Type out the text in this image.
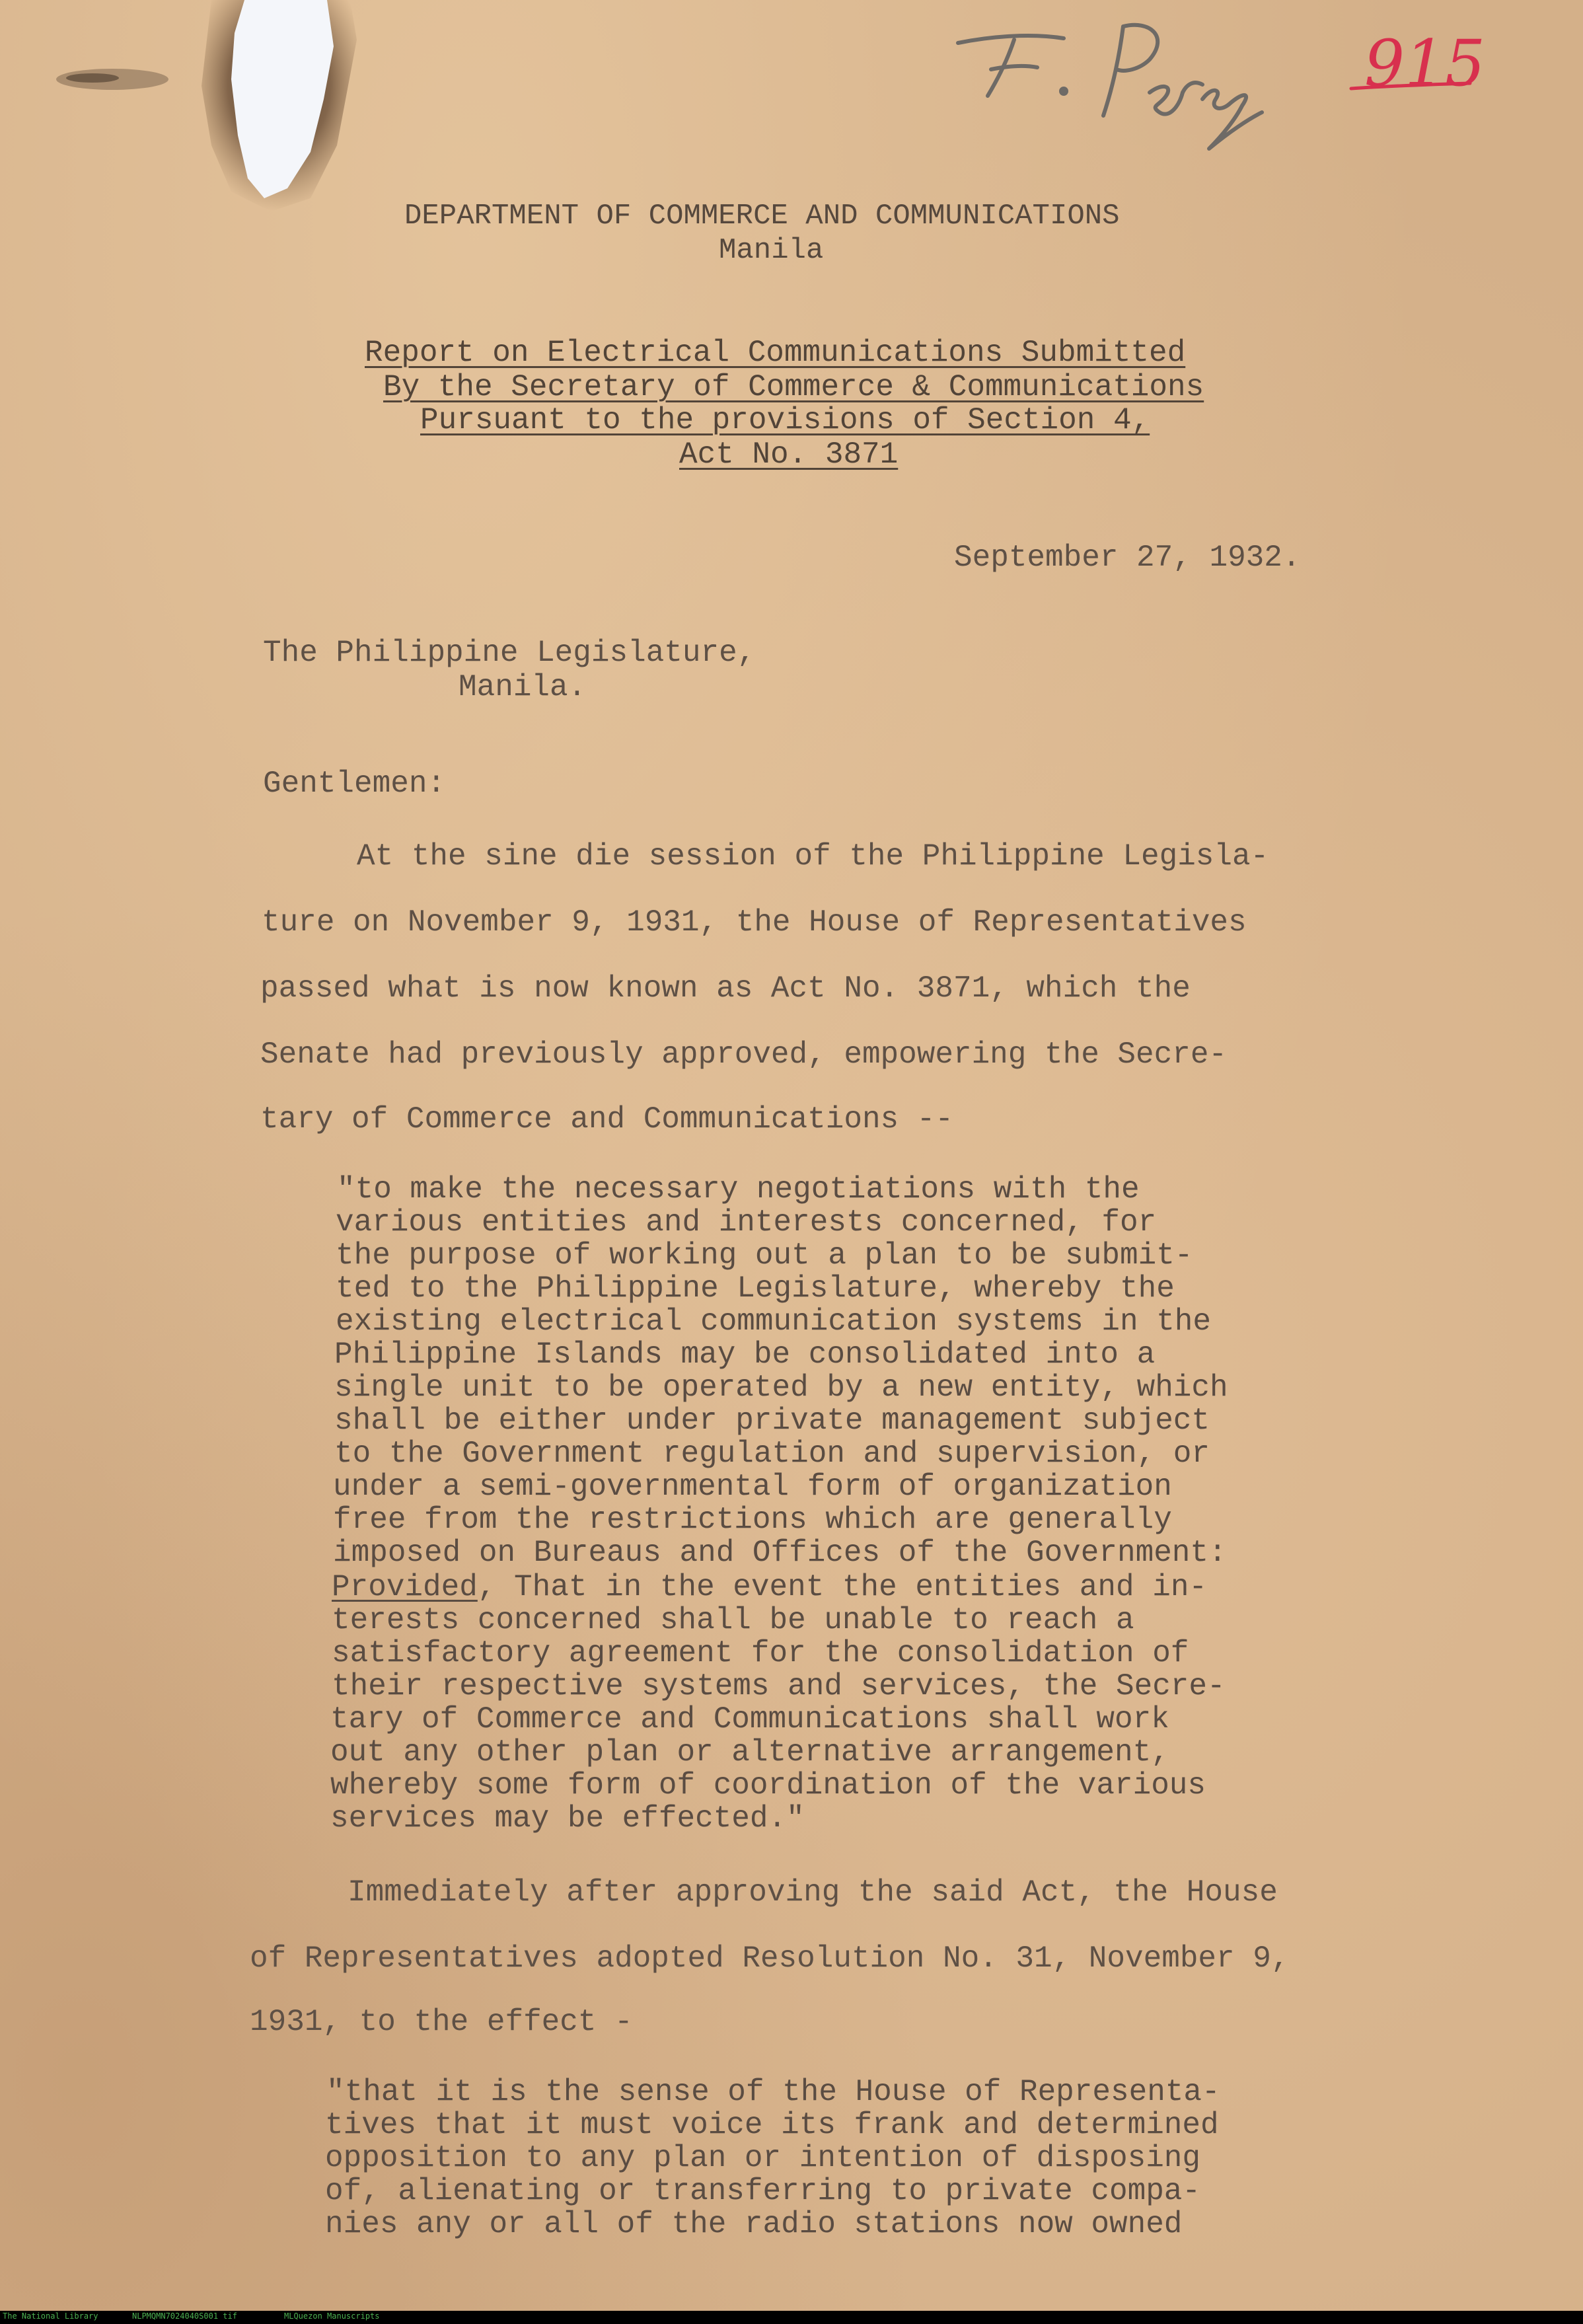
915
DEPARTMENT OF COMMERCE AND COMMUNICATIONS
Manila
Report on Electrical Communications Submitted
By the Secretary of Commerce & Communications
Pursuant to the provisions of Section 4,
Act No. 3871
September 27, 1932.
The Philippine Legislature,
Manila.
Gentlemen:
At the sine die session of the Philippine Legisla-
ture on November 9, 1931, the House of Representatives
passed what is now known as Act No. 3871, which the
Senate had previously approved, empowering the Secre-
tary of Commerce and Communications --
"to make the necessary negotiations with the
various entities and interests concerned, for
the purpose of working out a plan to be submit-
ted to the Philippine Legislature, whereby the
existing electrical communication systems in the
Philippine Islands may be consolidated into a
single unit to be operated by a new entity, which
shall be either under private management subject
to the Government regulation and supervision, or
under a semi-governmental form of organization
free from the restrictions which are generally
imposed on Bureaus and Offices of the Government:
Provided, That in the event the entities and in-
terests concerned shall be unable to reach a
satisfactory agreement for the consolidation of
their respective systems and services, the Secre-
tary of Commerce and Communications shall work
out any other plan or alternative arrangement,
whereby some form of coordination of the various
services may be effected."
Immediately after approving the said Act, the House
of Representatives adopted Resolution No. 31, November 9,
1931, to the effect -
"that it is the sense of the House of Representa-
tives that it must voice its frank and determined
opposition to any plan or intention of disposing
of, alienating or transferring to private compa-
nies any or all of the radio stations now owned
The National Library	NLPMQMN7024040S001 tif	MLQuezon Manuscripts
